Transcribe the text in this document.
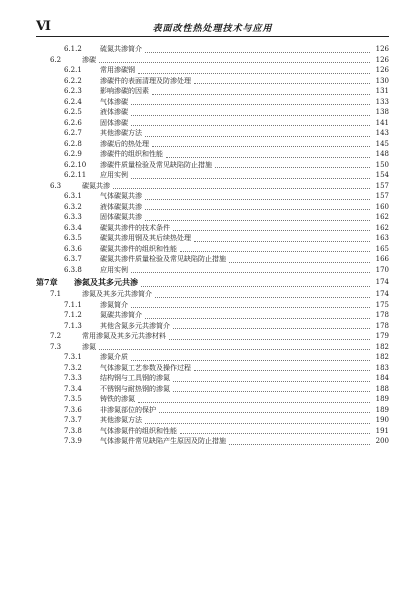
Ⅵ	表面改性热处理技术与应用
6.1.2	硫氮共渗简介	126
6.2	渗碳	126
6.2.1	常用渗碳钢	126
6.2.2	渗碳件的表面清理及防渗处理	130
6.2.3	影响渗碳的因素	131
6.2.4	气体渗碳	133
6.2.5	液体渗碳	138
6.2.6	固体渗碳	141
6.2.7	其他渗碳方法	143
6.2.8	渗碳后的热处理	145
6.2.9	渗碳件的组织和性能	148
6.2.10	渗碳件质量检验及常见缺陷防止措施	150
6.2.11	应用实例	154
6.3	碳氮共渗	157
6.3.1	气体碳氮共渗	157
6.3.2	液体碳氮共渗	160
6.3.3	固体碳氮共渗	162
6.3.4	碳氮共渗件的技术条件	162
6.3.5	碳氮共渗用钢及其后续热处理	163
6.3.6	碳氮共渗件的组织和性能	165
6.3.7	碳氮共渗件质量检验及常见缺陷防止措施	166
6.3.8	应用实例	170
第7章	渗氮及其多元共渗	174
7.1	渗氮及其多元共渗简介	174
7.1.1	渗氮简介	175
7.1.2	氮碳共渗简介	178
7.1.3	其他含氮多元共渗简介	178
7.2	常用渗氮及其多元共渗材料	179
7.3	渗氮	182
7.3.1	渗氮介质	182
7.3.2	气体渗氮工艺参数及操作过程	183
7.3.3	结构钢与工具钢的渗氮	184
7.3.4	不锈钢与耐热钢的渗氮	188
7.3.5	铸铁的渗氮	189
7.3.6	非渗氮部位的保护	189
7.3.7	其他渗氮方法	190
7.3.8	气体渗氮件的组织和性能	191
7.3.9	气体渗氮件常见缺陷产生原因及防止措施	200
